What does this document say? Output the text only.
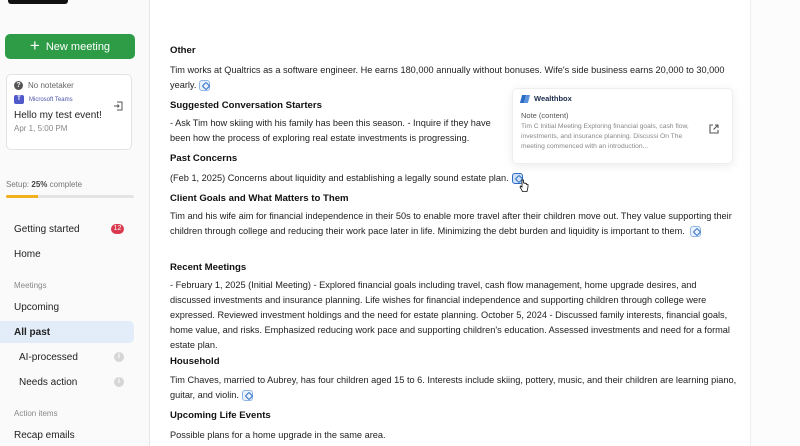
+ New meeting
? No notetaker
T	Microsoft Teams
Hello my test event!
Apr 1, 5:00 PM
Setup: 25% complete
Getting started	12
Home
Meetings
Upcoming
All past
AI-processed	i
Needs action	i
Action items
Recap emails
Other
Tim works at Qualtrics as a software engineer. He earns 180,000 annually without bonuses. Wife's side business earns 20,000 to 30,000 yearly.
Suggested Conversation Starters
- Ask Tim how skiing with his family has been this season. - Inquire if they have been how the process of exploring real estate investments is progressing.
Past Concerns
(Feb 1, 2025) Concerns about liquidity and establishing a legally sound estate plan.
Client Goals and What Matters to Them
Tim and his wife aim for financial independence in their 50s to enable more travel after their children move out. They value supporting their children through college and reducing their work pace later in life. Minimizing the debt burden and liquidity is important to them.
Recent Meetings
- February 1, 2025 (Initial Meeting) - Explored financial goals including travel, cash flow management, home upgrade desires, and discussed investments and insurance planning. Life wishes for financial independence and supporting children through college were expressed. Reviewed investment holdings and the need for estate planning. October 5, 2024 - Discussed family interests, financial goals, home value, and risks. Emphasized reducing work pace and supporting children's education. Assessed investments and need for a formal estate plan.
Household
Tim Chaves, married to Aubrey, has four children aged 15 to 6. Interests include skiing, pottery, music, and their children are learning piano, guitar, and violin.
Upcoming Life Events
Possible plans for a home upgrade in the same area.
Wealthbox
Note (content)
Tim C Initial Meeting Exploring financial goals, cash flow, investments, and insurance planning. Discussi On The meeting commenced with an introduction...
